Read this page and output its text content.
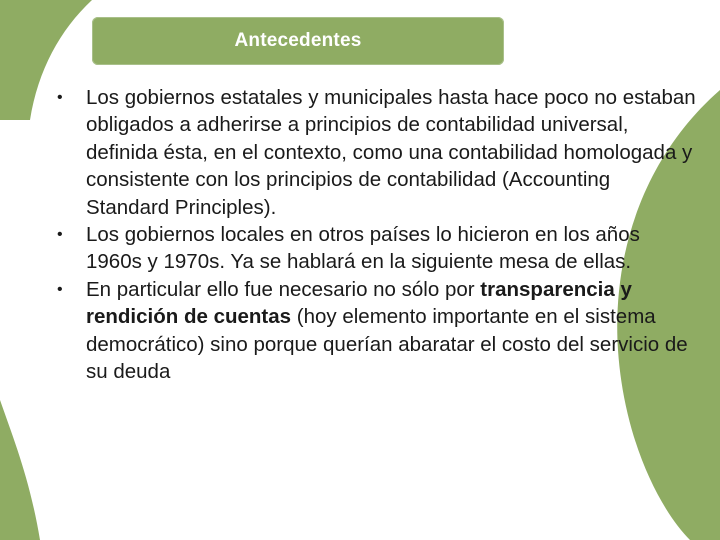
Antecedentes
•	Los gobiernos estatales y municipales hasta hace poco no estaban obligados a adherirse a principios de contabilidad universal, definida ésta, en el contexto, como una contabilidad homologada y consistente con los principios de contabilidad (Accounting Standard Principles).
•	Los gobiernos locales en otros países lo hicieron en los años 1960s y 1970s. Ya se hablará en la siguiente mesa de ellas.
•	En particular ello fue necesario no sólo por transparencia y rendición de cuentas (hoy elemento importante en el sistema democrático) sino porque querían abaratar el costo del servicio de su deuda
